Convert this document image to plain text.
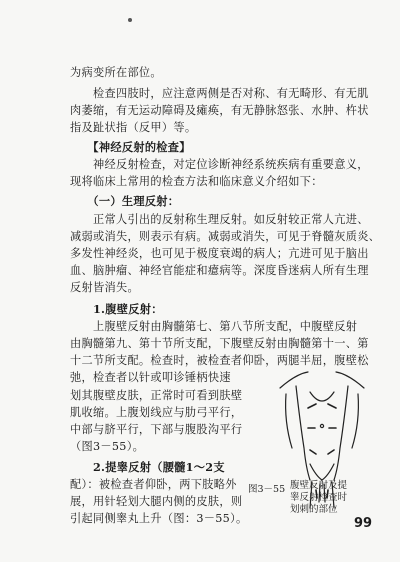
为病变所在部位。
　　检查四肢时，应注意两侧是否对称、有无畸形、有无肌
肉萎缩，有无运动障碍及瘫痪，有无静脉怒张、水肿、杵状
指及趾状指（反甲）等。
　　【神经反射的检查】
　　神经反射检查，对定位诊断神经系统疾病有重要意义，
现将临床上常用的检查方法和临床意义介绍如下：
　　（一）生理反射：
　　正常人引出的反射称生理反射。如反射较正常人亢进、
减弱或消失，则表示有病。减弱或消失，可见于脊髓灰质炎、
多发性神经炎，也可见于极度衰竭的病人；亢进可见于脑出
血、脑肿瘤、神经官能症和癔病等。深度昏迷病人所有生理
反射皆消失。
　　1.腹壁反射：
　　上腹壁反射由胸髓第七、第八节所支配，中腹壁反射
由胸髓第九、第十节所支配，下腹壁反射由胸髓第十一、第
十二节所支配。检查时，被检查者仰卧，两腿半屈，腹壁松
弛，检查者以针或叩诊锤柄快速
划其腹壁皮肤，正常时可看到肤壁
肌收缩。上腹划线应与肋弓平行，
中部与脐平行，下部与腹股沟平行
（图3－55）。
　　2.提睾反射（腰髓1～2支
配）：被检查者仰卧，两下肢略外
展，用针轻划大腿内侧的皮肤，则
引起同侧睾丸上升（图：3－55）。
图3－55 腹壁反射及提
睾反射检查时
划刺的部位
99
